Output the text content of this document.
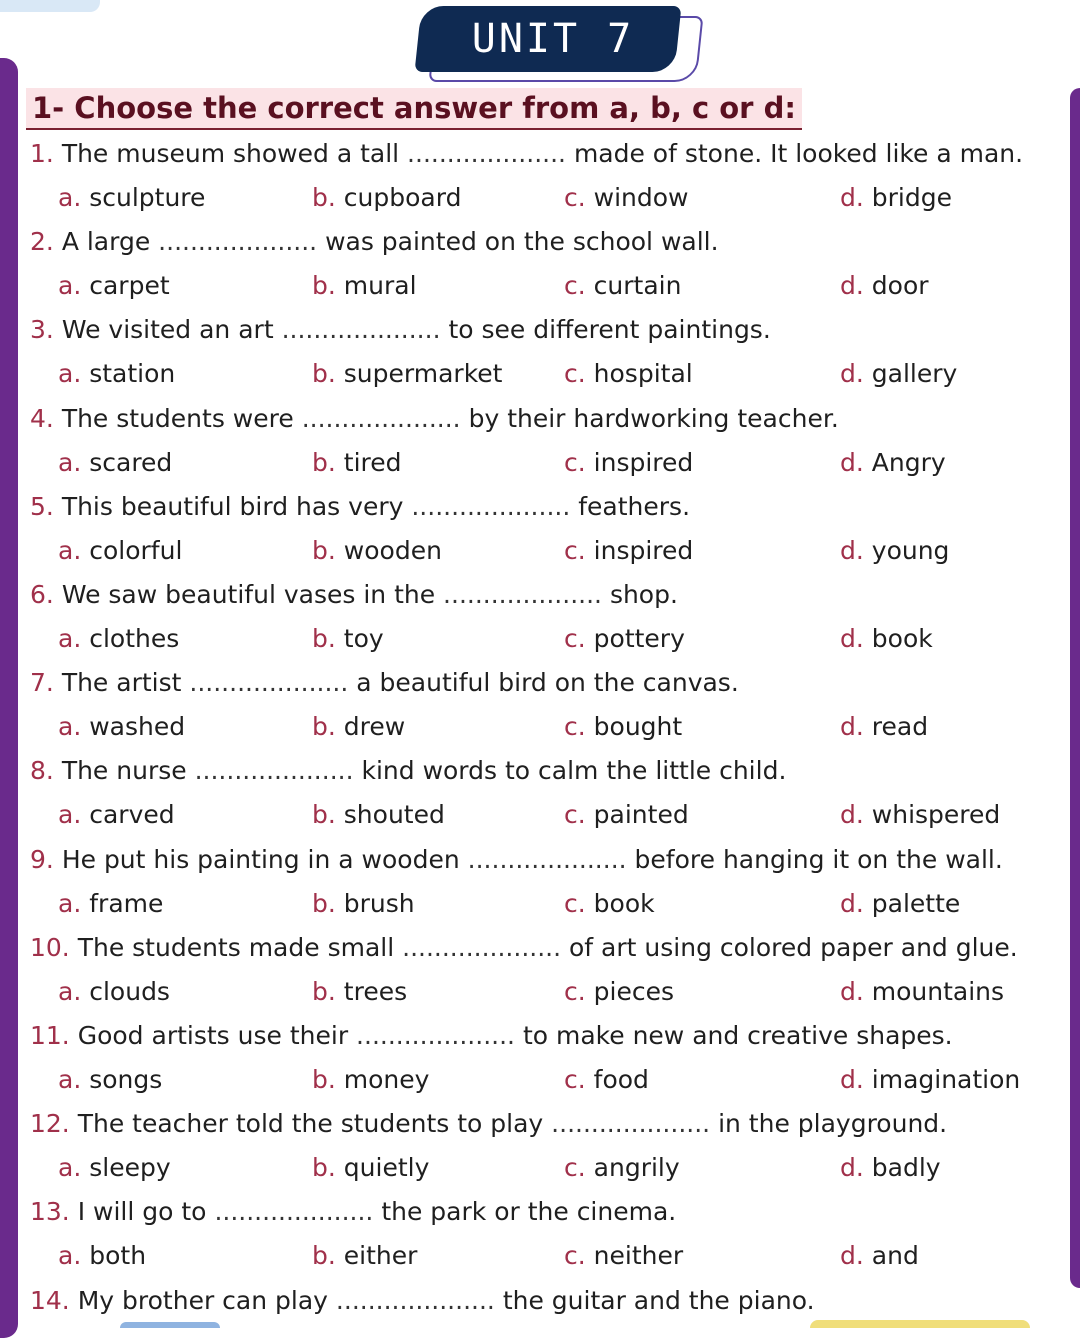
UNIT 7
1- Choose the correct answer from a, b, c or d:
1. The museum showed a tall .................... made of stone. It looked like a man.
a. sculpture	b. cupboard	c. window	d. bridge
2. A large .................... was painted on the school wall.
a. carpet	b. mural	c. curtain	d. door
3. We visited an art .................... to see different paintings.
a. station	b. supermarket c. hospital	d. gallery
4. The students were .................... by their hardworking teacher.
a. scared	b. tired	c. inspired	d. Angry
5. This beautiful bird has very .................... feathers.
a. colorful	b. wooden	c. inspired	d. young
6. We saw beautiful vases in the .................... shop.
a. clothes	b. toy	c. pottery	d. book
7. The artist .................... a beautiful bird on the canvas.
a. washed	b. drew	c. bought	d. read
8. The nurse .................... kind words to calm the little child.
a. carved	b. shouted	c. painted	d. whispered
9. He put his painting in a wooden .................... before hanging it on the wall.
a. frame	b. brush	c. book	d. palette
10. The students made small .................... of art using colored paper and glue.
a. clouds	b. trees	c. pieces	d. mountains
11. Good artists use their .................... to make new and creative shapes.
a. songs	b. money	c. food	d. imagination
12. The teacher told the students to play .................... in the playground.
a. sleepy	b. quietly	c. angrily	d. badly
13. I will go to .................... the park or the cinema.
a. both	b. either	c. neither	d. and
14. My brother can play .................... the guitar and the piano.
